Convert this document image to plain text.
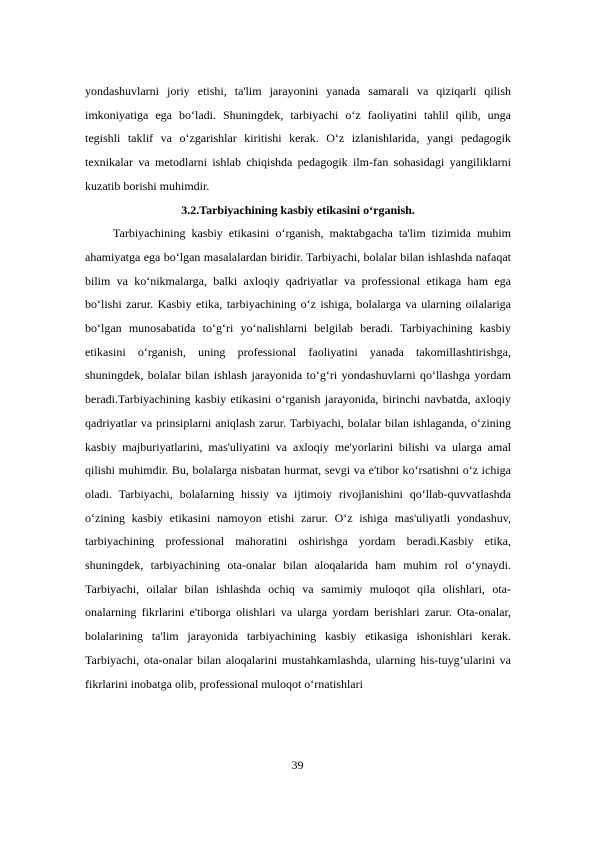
yondashuvlarni joriy etishi, ta'lim jarayonini yanada samarali va qiziqarli qilish imkoniyatiga ega bo‘ladi. Shuningdek, tarbiyachi o‘z faoliyatini tahlil qilib, unga tegishli taklif va o‘zgarishlar kiritishi kerak. O‘z izlanishlarida, yangi pedagogik texnikalar va metodlarni ishlab chiqishda pedagogik ilm-fan sohasidagi yangiliklarni kuzatib borishi muhimdir.

3.2.Tarbiyachining kasbiy etikasini o‘rganish.

Tarbiyachining kasbiy etikasini o‘rganish, maktabgacha ta'lim tizimida muhim ahamiyatga ega bo‘lgan masalalardan biridir. Tarbiyachi, bolalar bilan ishlashda nafaqat bilim va ko‘nikmalarga, balki axloqiy qadriyatlar va professional etikaga ham ega bo‘lishi zarur. Kasbiy etika, tarbiyachining o‘z ishiga, bolalarga va ularning oilalariga bo‘lgan munosabatida to‘g‘ri yo‘nalishlarni belgilab beradi. Tarbiyachining kasbiy etikasini o‘rganish, uning professional faoliyatini yanada takomillashtirishga, shuningdek, bolalar bilan ishlash jarayonida to‘g‘ri yondashuvlarni qo‘llashga yordam beradi.Tarbiyachining kasbiy etikasini o‘rganish jarayonida, birinchi navbatda, axloqiy qadriyatlar va prinsiplarni aniqlash zarur. Tarbiyachi, bolalar bilan ishlaganda, o‘zining kasbiy majburiyatlarini, mas'uliyatini va axloqiy me'yorlarini bilishi va ularga amal qilishi muhimdir. Bu, bolalarga nisbatan hurmat, sevgi va e'tibor ko‘rsatishni o‘z ichiga oladi. Tarbiyachi, bolalarning hissiy va ijtimoiy rivojlanishini qo‘llab-quvvatlashda o‘zining kasbiy etikasini namoyon etishi zarur. O‘z ishiga mas'uliyatli yondashuv, tarbiyachining professional mahoratini oshirishga yordam beradi.Kasbiy etika, shuningdek, tarbiyachining ota-onalar bilan aloqalarida ham muhim rol o‘ynaydi. Tarbiyachi, oilalar bilan ishlashda ochiq va samimiy muloqot qila olishlari, ota-onalarning fikrlarini e'tiborga olishlari va ularga yordam berishlari zarur. Ota-onalar, bolalarining ta'lim jarayonida tarbiyachining kasbiy etikasiga ishonishlari kerak. Tarbiyachi, ota-onalar bilan aloqalarini mustahkamlashda, ularning his-tuyg‘ularini va fikrlarini inobatga olib, professional muloqot o‘rnatishlari

39
